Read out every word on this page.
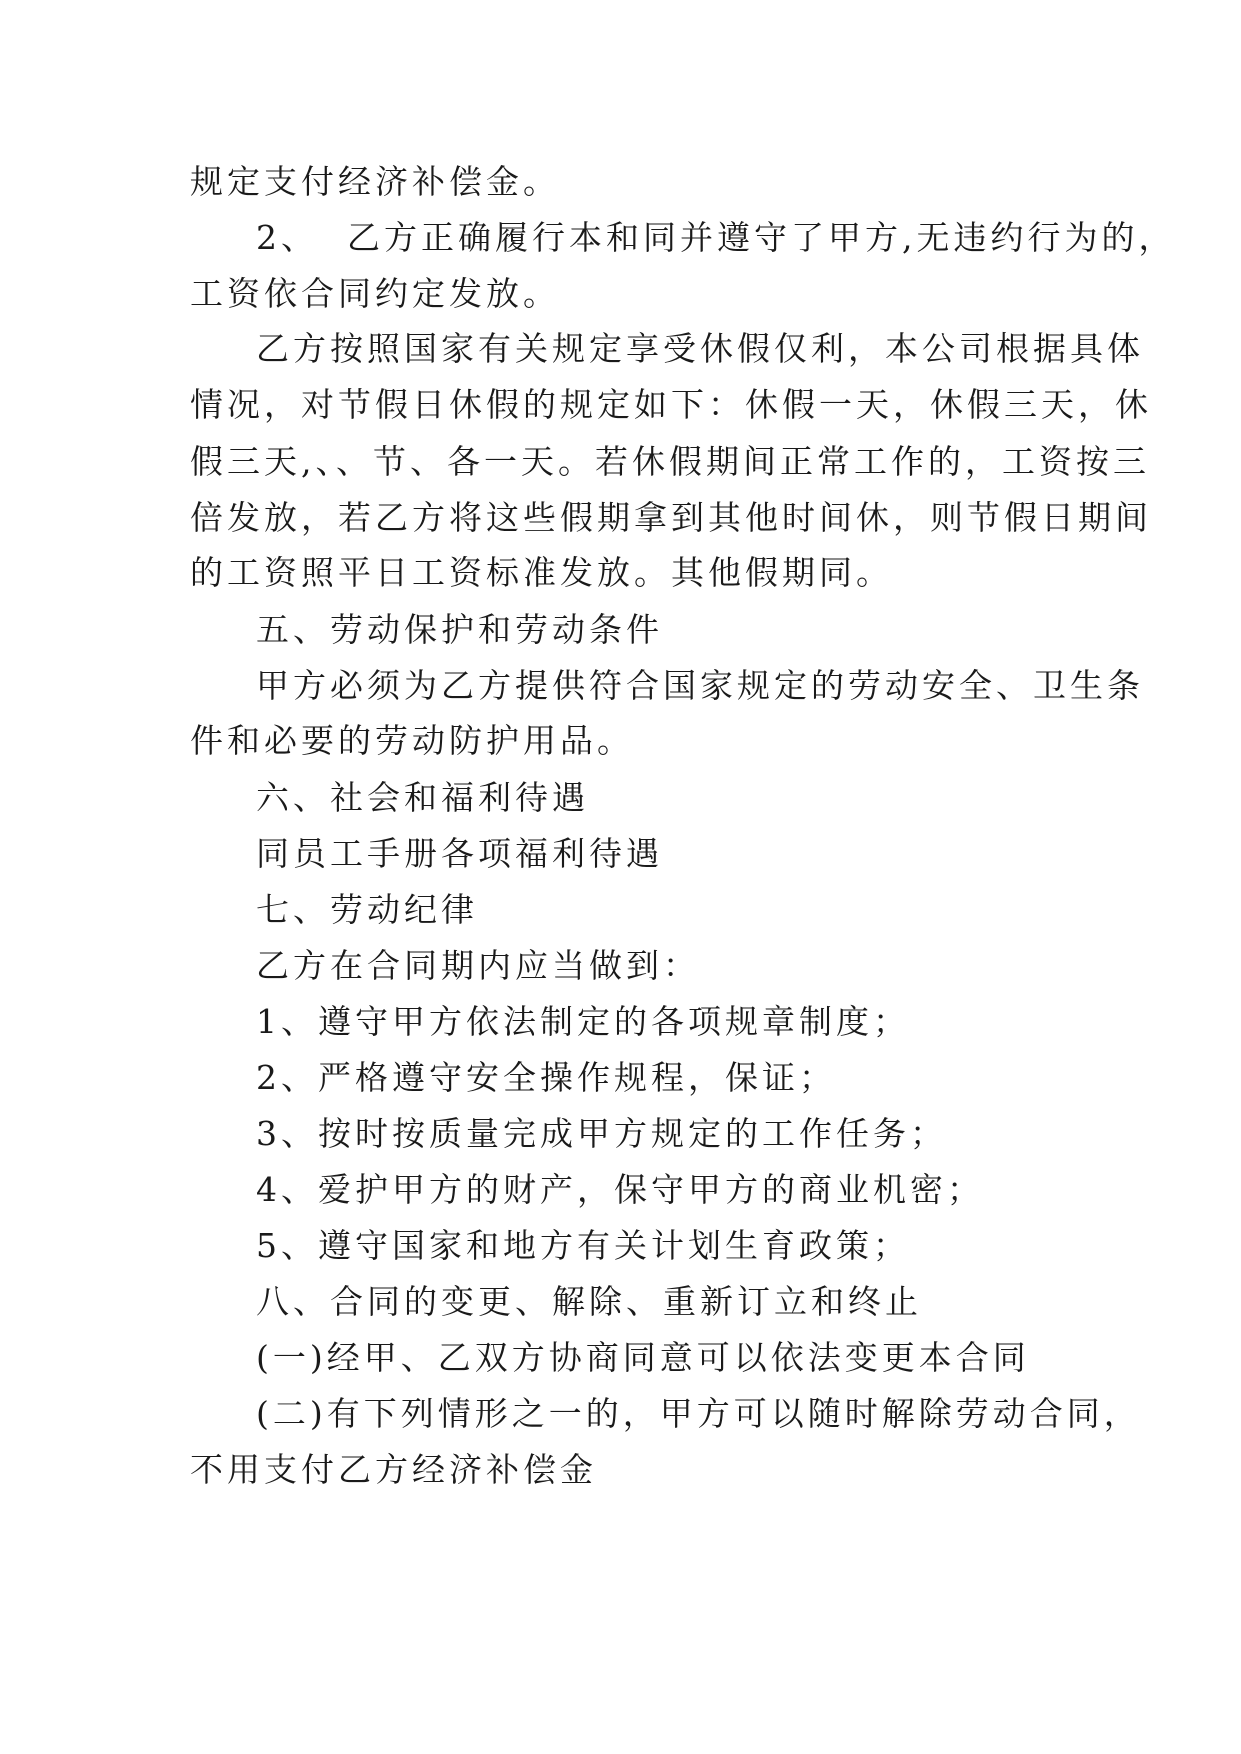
规定支付经济补偿金。
2、  乙方正确履行本和同并遵守了甲方,无违约行为的，
工资依合同约定发放。
乙方按照国家有关规定享受休假仅利，本公司根据具体
情况，对节假日休假的规定如下：休假一天，休假三天，休
假三天,、、节、各一天。若休假期间正常工作的，工资按三
倍发放，若乙方将这些假期拿到其他时间休，则节假日期间
的工资照平日工资标准发放。其他假期同。
五、劳动保护和劳动条件
甲方必须为乙方提供符合国家规定的劳动安全、卫生条
件和必要的劳动防护用品。
六、社会和福利待遇
同员工手册各项福利待遇
七、劳动纪律
乙方在合同期内应当做到：
1、遵守甲方依法制定的各项规章制度；
2、严格遵守安全操作规程，保证；
3、按时按质量完成甲方规定的工作任务；
4、爱护甲方的财产，保守甲方的商业机密；
5、遵守国家和地方有关计划生育政策；
八、合同的变更、解除、重新订立和终止
(一)经甲、乙双方协商同意可以依法变更本合同
(二)有下列情形之一的，甲方可以随时解除劳动合同，
不用支付乙方经济补偿金
